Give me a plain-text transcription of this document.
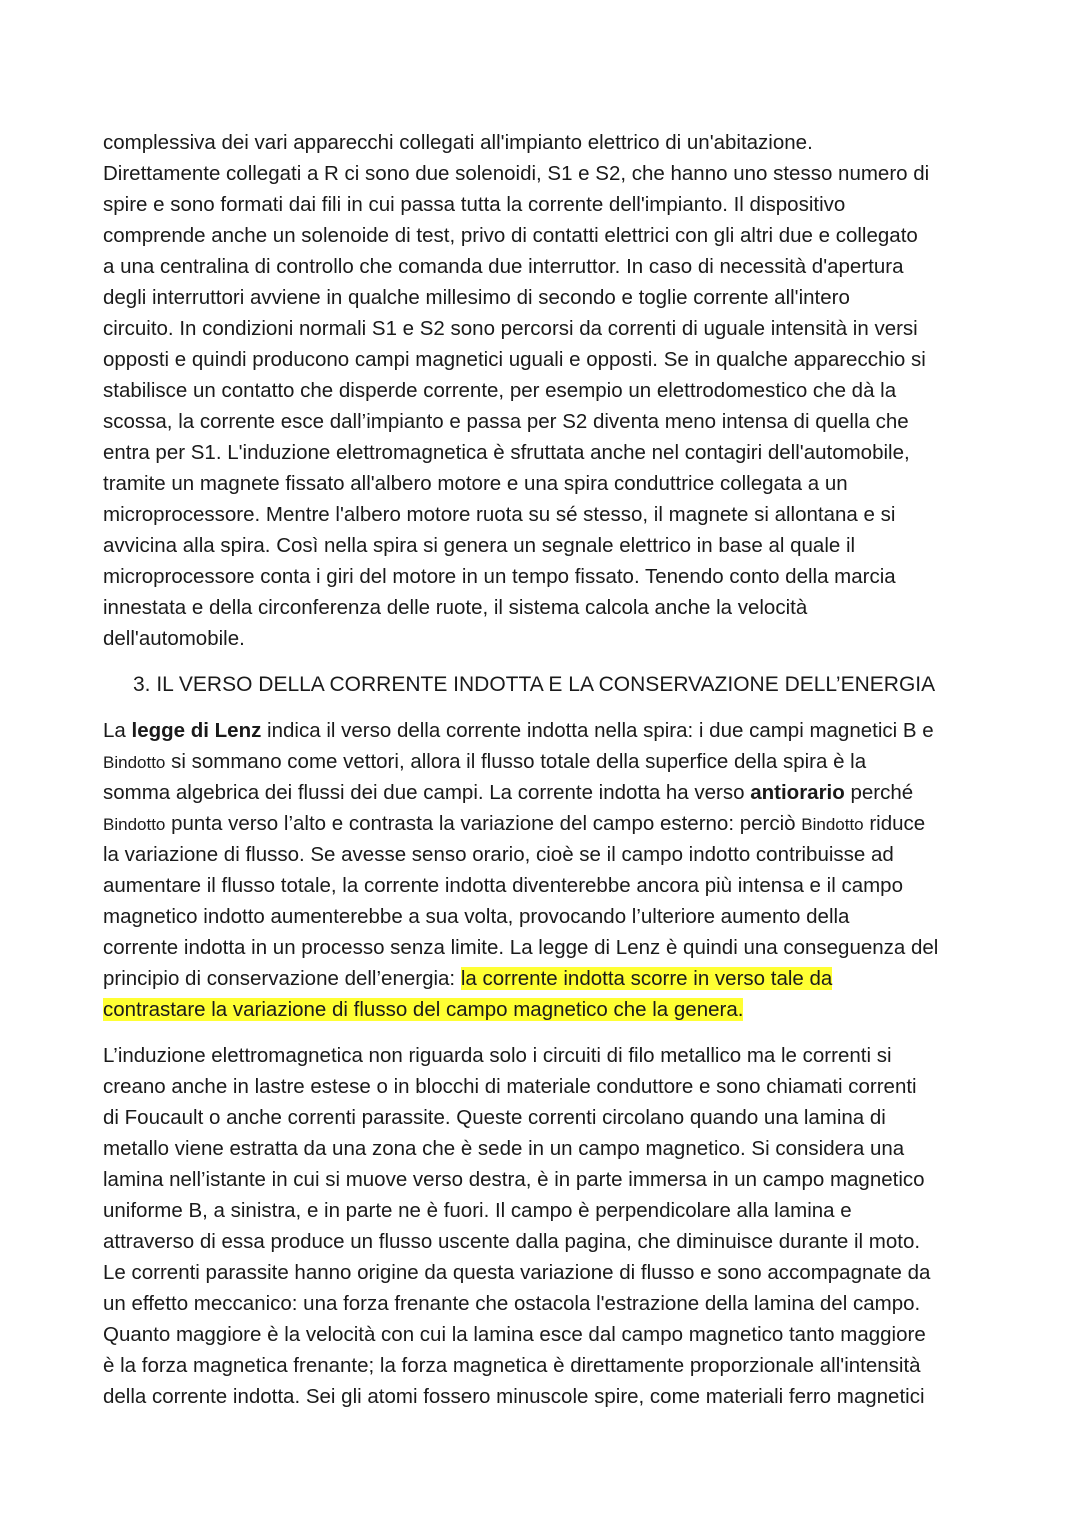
complessiva dei vari apparecchi collegati all'impianto elettrico di un'abitazione.
Direttamente collegati a R ci sono due solenoidi, S1 e S2, che hanno uno stesso numero di
spire e sono formati dai fili in cui passa tutta la corrente dell'impianto. Il dispositivo
comprende anche un solenoide di test, privo di contatti elettrici con gli altri due e collegato
a una centralina di controllo che comanda due interruttor. In caso di necessità d'apertura
degli interruttori avviene in qualche millesimo di secondo e toglie corrente all'intero
circuito. In condizioni normali S1 e S2 sono percorsi da correnti di uguale intensità in versi
opposti e quindi producono campi magnetici uguali e opposti. Se in qualche apparecchio si
stabilisce un contatto che disperde corrente, per esempio un elettrodomestico che dà la
scossa, la corrente esce dall’impianto e passa per S2 diventa meno intensa di quella che
entra per S1. L'induzione elettromagnetica è sfruttata anche nel contagiri dell'automobile,
tramite un magnete fissato all'albero motore e una spira conduttrice collegata a un
microprocessore. Mentre l'albero motore ruota su sé stesso, il magnete si allontana e si
avvicina alla spira. Così nella spira si genera un segnale elettrico in base al quale il
microprocessore conta i giri del motore in un tempo fissato. Tenendo conto della marcia
innestata e della circonferenza delle ruote, il sistema calcola anche la velocità
dell'automobile.
3. IL VERSO DELLA CORRENTE INDOTTA E LA CONSERVAZIONE DELL’ENERGIA
La legge di Lenz indica il verso della corrente indotta nella spira: i due campi magnetici B e
Bindotto si sommano come vettori, allora il flusso totale della superfice della spira è la
somma algebrica dei flussi dei due campi. La corrente indotta ha verso antiorario perché
Bindotto punta verso l’alto e contrasta la variazione del campo esterno: perciò Bindotto riduce
la variazione di flusso. Se avesse senso orario, cioè se il campo indotto contribuisse ad
aumentare il flusso totale, la corrente indotta diventerebbe ancora più intensa e il campo
magnetico indotto aumenterebbe a sua volta, provocando l’ulteriore aumento della
corrente indotta in un processo senza limite. La legge di Lenz è quindi una conseguenza del
principio di conservazione dell’energia: la corrente indotta scorre in verso tale da
contrastare la variazione di flusso del campo magnetico che la genera.
L’induzione elettromagnetica non riguarda solo i circuiti di filo metallico ma le correnti si
creano anche in lastre estese o in blocchi di materiale conduttore e sono chiamati correnti
di Foucault o anche correnti parassite. Queste correnti circolano quando una lamina di
metallo viene estratta da una zona che è sede in un campo magnetico. Si considera una
lamina nell’istante in cui si muove verso destra, è in parte immersa in un campo magnetico
uniforme B, a sinistra, e in parte ne è fuori. Il campo è perpendicolare alla lamina e
attraverso di essa produce un flusso uscente dalla pagina, che diminuisce durante il moto.
Le correnti parassite hanno origine da questa variazione di flusso e sono accompagnate da
un effetto meccanico: una forza frenante che ostacola l'estrazione della lamina del campo.
Quanto maggiore è la velocità con cui la lamina esce dal campo magnetico tanto maggiore
è la forza magnetica frenante; la forza magnetica è direttamente proporzionale all'intensità
della corrente indotta. Sei gli atomi fossero minuscole spire, come materiali ferro magnetici
